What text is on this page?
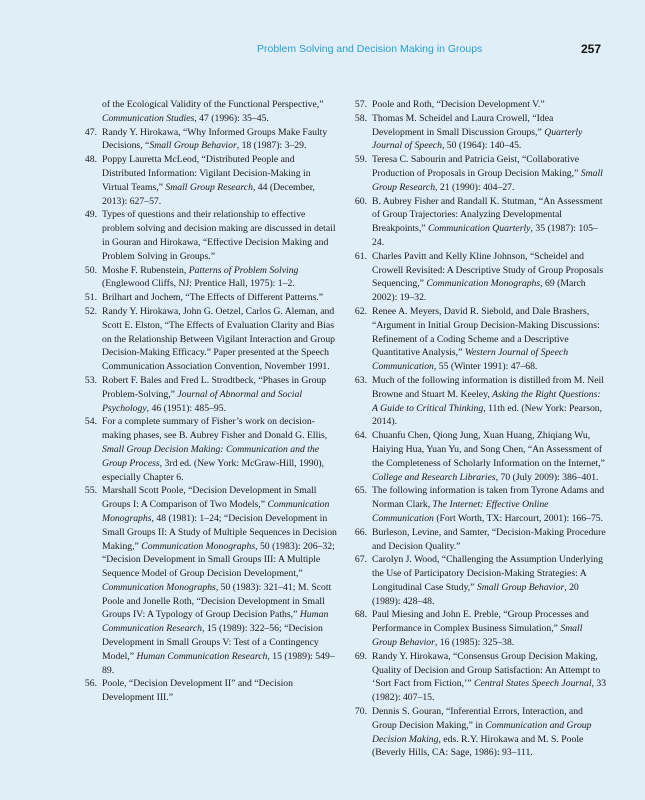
Problem Solving and Decision Making in Groups	257

of the Ecological Validity of the Functional Perspective,” Communication Studies, 47 (1996): 35–45.

47. Randy Y. Hirokawa, “Why Informed Groups Make Faulty Decisions, “Small Group Behavior, 18 (1987): 3–29.

48. Poppy Lauretta McLeod, “Distributed People and Distributed Information: Vigilant Decision-Making in Virtual Teams,” Small Group Research, 44 (December, 2013): 627–57.

49. Types of questions and their relationship to effective problem solving and decision making are discussed in detail in Gouran and Hirokawa, “Effective Decision Making and Problem Solving in Groups.”

50. Moshe F. Rubenstein, Patterns of Problem Solving (Englewood Cliffs, NJ: Prentice Hall, 1975): 1–2.

51. Brilhart and Jochem, “The Effects of Different Patterns.”

52. Randy Y. Hirokawa, John G. Oetzel, Carlos G. Aleman, and Scott E. Elston, “The Effects of Evaluation Clarity and Bias on the Relationship Between Vigilant Interaction and Group Decision-Making Efficacy.” Paper presented at the Speech Communication Association Convention, November 1991.

53. Robert F. Bales and Fred L. Strodtbeck, “Phases in Group Problem-Solving,” Journal of Abnormal and Social Psychology, 46 (1951): 485–95.

54. For a complete summary of Fisher’s work on decision-making phases, see B. Aubrey Fisher and Donald G. Ellis, Small Group Decision Making: Communication and the Group Process, 3rd ed. (New York: McGraw-Hill, 1990), especially Chapter 6.

55. Marshall Scott Poole, “Decision Development in Small Groups I: A Comparison of Two Models,” Communication Monographs, 48 (1981): 1–24; “Decision Development in Small Groups II: A Study of Multiple Sequences in Decision Making,” Communication Monographs, 50 (1983): 206–32; “Decision Development in Small Groups III: A Multiple Sequence Model of Group Decision Development,” Communication Monographs, 50 (1983): 321–41; M. Scott Poole and Jonelle Roth, “Decision Development in Small Groups IV: A Typology of Group Decision Paths,” Human Communication Research, 15 (1989): 322–56; “Decision Development in Small Groups V: Test of a Contingency Model,” Human Communication Research, 15 (1989): 549–89.

56. Poole, “Decision Development II” and “Decision Development III.”

57. Poole and Roth, “Decision Development V.”

58. Thomas M. Scheidel and Laura Crowell, “Idea Development in Small Discussion Groups,” Quarterly Journal of Speech, 50 (1964): 140–45.

59. Teresa C. Sabourin and Patricia Geist, “Collaborative Production of Proposals in Group Decision Making,” Small Group Research, 21 (1990): 404–27.

60. B. Aubrey Fisher and Randall K. Stutman, “An Assessment of Group Trajectories: Analyzing Developmental Breakpoints,” Communication Quarterly, 35 (1987): 105–24.

61. Charles Pavitt and Kelly Kline Johnson, “Scheidel and Crowell Revisited: A Descriptive Study of Group Proposals Sequencing,” Communication Monographs, 69 (March 2002): 19–32.

62. Renee A. Meyers, David R. Siebold, and Dale Brashers, “Argument in Initial Group Decision-Making Discussions: Refinement of a Coding Scheme and a Descriptive Quantitative Analysis,” Western Journal of Speech Communication, 55 (Winter 1991): 47–68.

63. Much of the following information is distilled from M. Neil Browne and Stuart M. Keeley, Asking the Right Questions: A Guide to Critical Thinking, 11th ed. (New York: Pearson, 2014).

64. Chuanfu Chen, Qiong Jung, Xuan Huang, Zhiqiang Wu, Haiying Hua, Yuan Yu, and Song Chen, “An Assessment of the Completeness of Scholarly Information on the Internet,” College and Research Libraries, 70 (July 2009): 386–401.

65. The following information is taken from Tyrone Adams and Norman Clark, The Internet: Effective Online Communication (Fort Worth, TX: Harcourt, 2001): 166–75.

66. Burleson, Levine, and Samter, “Decision-Making Procedure and Decision Quality.”

67. Carolyn J. Wood, “Challenging the Assumption Underlying the Use of Participatory Decision-Making Strategies: A Longitudinal Case Study,” Small Group Behavior, 20 (1989): 428–48.

68. Paul Miesing and John E. Preble, “Group Processes and Performance in Complex Business Simulation,” Small Group Behavior, 16 (1985): 325–38.

69. Randy Y. Hirokawa, “Consensus Group Decision Making, Quality of Decision and Group Satisfaction: An Attempt to ‘Sort Fact from Fiction,’” Central States Speech Journal, 33 (1982): 407–15.

70. Dennis S. Gouran, “Inferential Errors, Interaction, and Group Decision Making,” in Communication and Group Decision Making, eds. R.Y. Hirokawa and M. S. Poole (Beverly Hills, CA: Sage, 1986): 93–111.
